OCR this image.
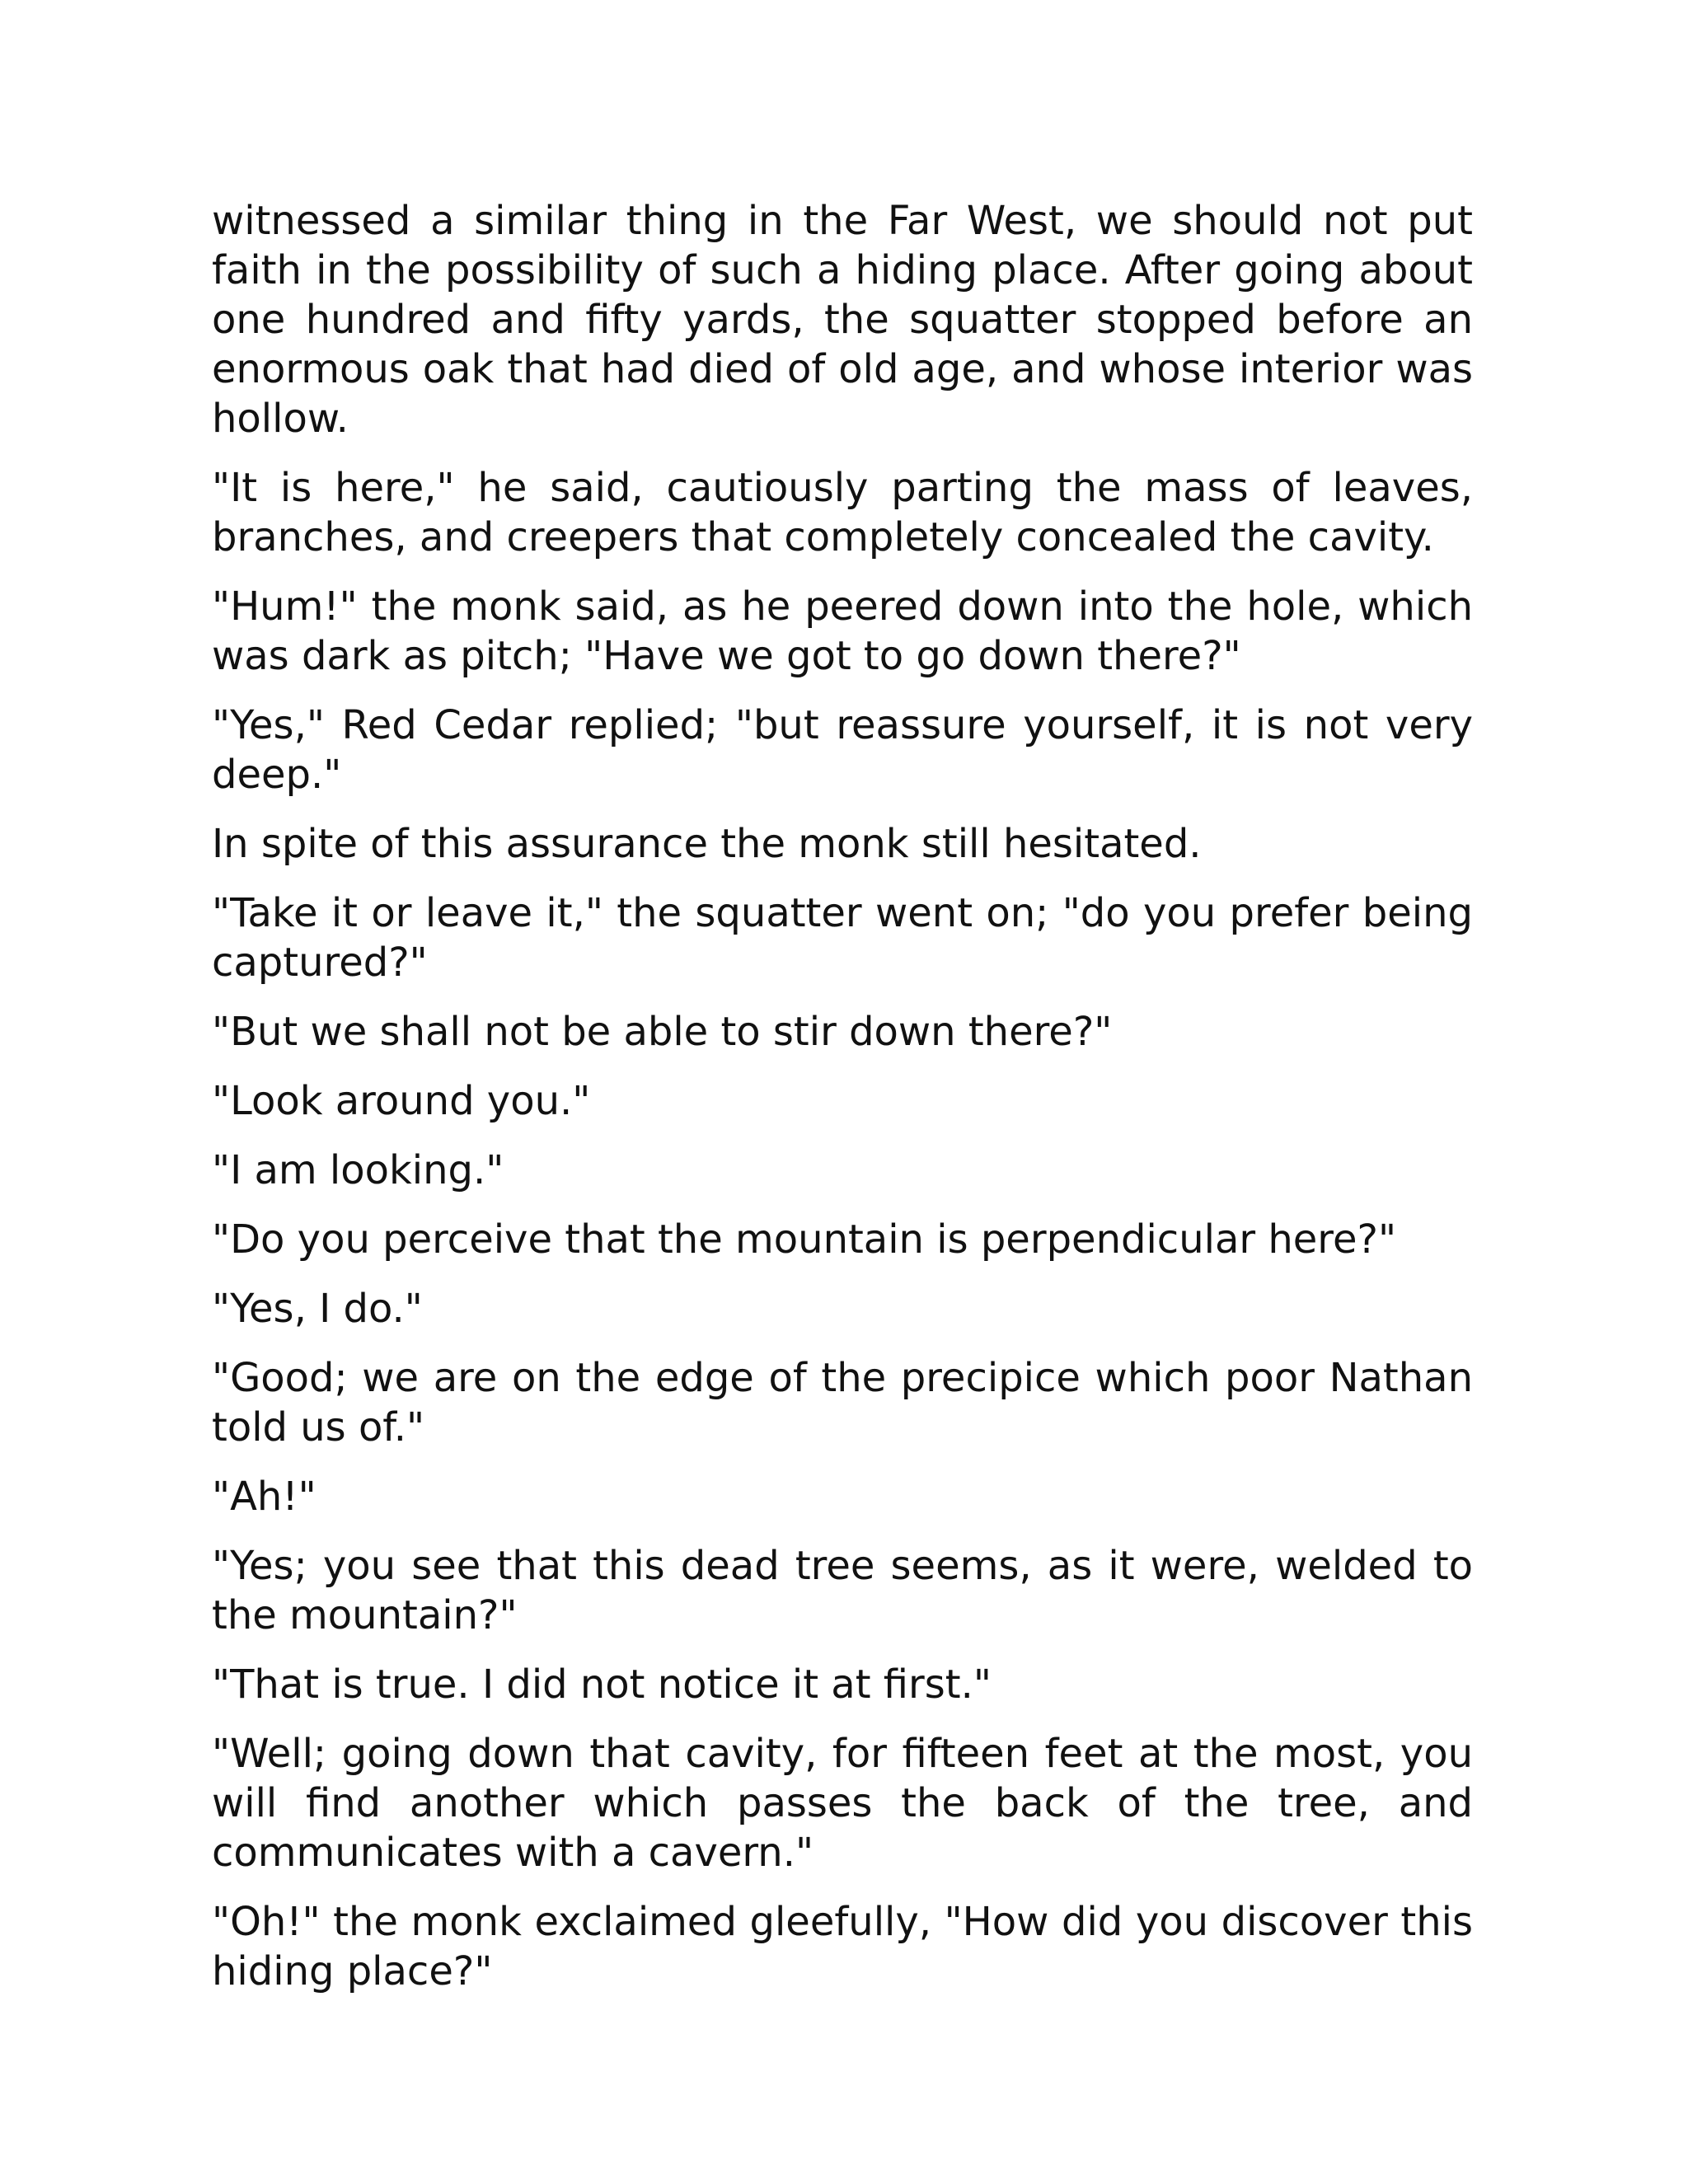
witnessed a similar thing in the Far West, we should not put faith in the possibility of such a hiding place. After going about one hundred and fifty yards, the squatter stopped before an enormous oak that had died of old age, and whose interior was hollow.

"It is here," he said, cautiously parting the mass of leaves, branches, and creepers that completely concealed the cavity.

"Hum!" the monk said, as he peered down into the hole, which was dark as pitch; "Have we got to go down there?"

"Yes," Red Cedar replied; "but reassure yourself, it is not very deep."

In spite of this assurance the monk still hesitated.

"Take it or leave it," the squatter went on; "do you prefer being captured?"

"But we shall not be able to stir down there?"

"Look around you."

"I am looking."

"Do you perceive that the mountain is perpendicular here?"

"Yes, I do."

"Good; we are on the edge of the precipice which poor Nathan told us of."

"Ah!"

"Yes; you see that this dead tree seems, as it were, welded to the mountain?"

"That is true. I did not notice it at first."

"Well; going down that cavity, for fifteen feet at the most, you will find another which passes the back of the tree, and communicates with a cavern."

"Oh!" the monk exclaimed gleefully, "How did you discover this hiding place?"
